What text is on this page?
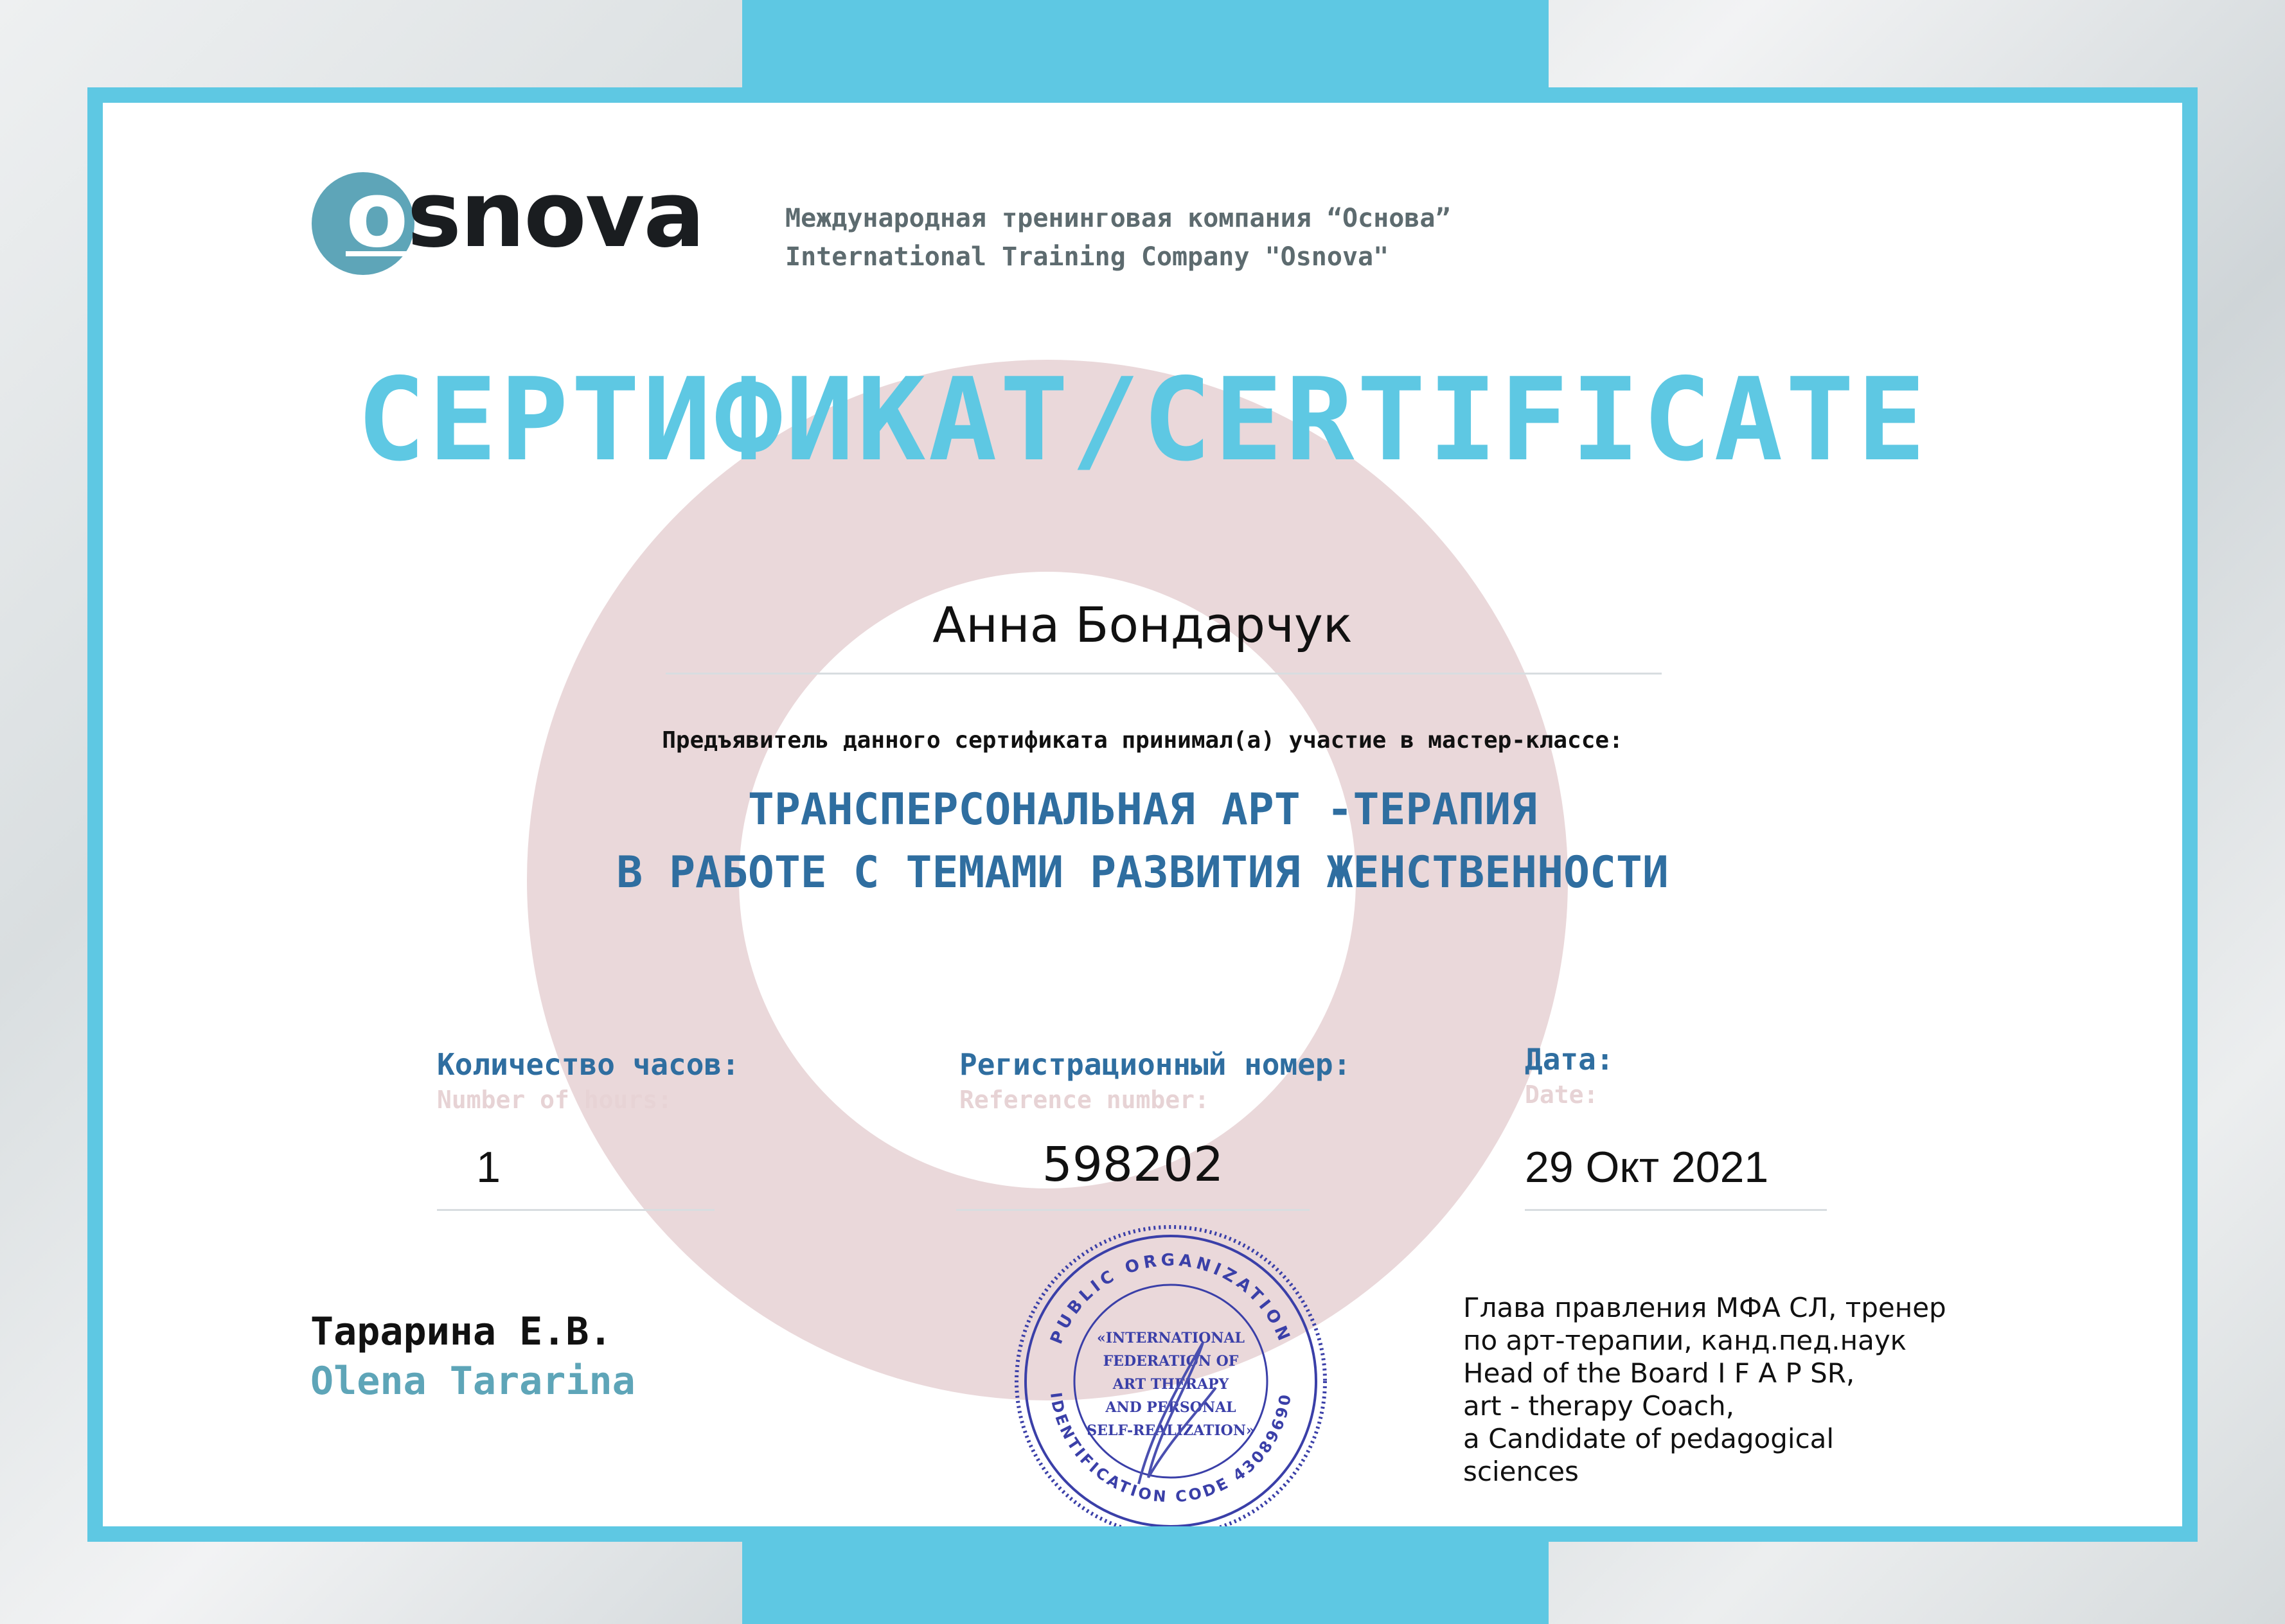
osnova	Международная тренинговая компания “Основа”
International Training Company "Osnova"
СЕРТИФИКАТ/CERTIFICATE
Анна Бондарчук
Предъявитель данного сертификата принимал(а) участие в мастер-классе:
ТРАНСПЕРСОНАЛЬНАЯ АРТ -ТЕРАПИЯ
В РАБОТЕ С ТЕМАМИ РАЗВИТИЯ ЖЕНСТВЕННОСТИ
Количество часов:
Number of hours:
1
Регистрационный номер:
Reference number:
598202
Дата:
Date:
29 Окт 2021
Тарарина Е.В.
Olena Tararina
PUBLIC ORGANIZATION
IDENTIFICATION CODE 43089690
«INTERNATIONAL
FEDERATION OF
ART THERAPY
AND PERSONAL
SELF-REALIZATION»
Глава правления МФА СЛ, тренер
по арт-терапии, канд.пед.наук
Head of the Board I F A P SR,
art - therapy Coach,
a Candidate of pedagogical
sciences
